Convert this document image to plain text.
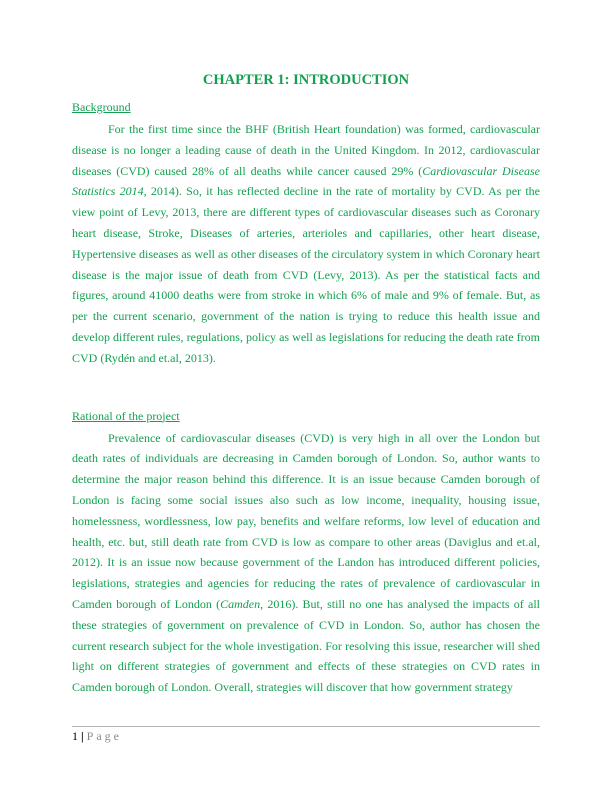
CHAPTER 1: INTRODUCTION
Background

For the first time since the BHF (British Heart foundation) was formed, cardiovascular disease is no longer a leading cause of death in the United Kingdom. In 2012, cardiovascular diseases (CVD) caused 28% of all deaths while cancer caused 29% (Cardiovascular Disease Statistics 2014, 2014). So, it has reflected decline in the rate of mortality by CVD. As per the view point of Levy, 2013, there are different types of cardiovascular diseases such as Coronary heart disease, Stroke, Diseases of arteries, arterioles and capillaries, other heart disease, Hypertensive diseases as well as other diseases of the circulatory system in which Coronary heart disease is the major issue of death from CVD (Levy, 2013). As per the statistical facts and figures, around 41000 deaths were from stroke in which 6% of male and 9% of female. But, as per the current scenario, government of the nation is trying to reduce this health issue and develop different rules, regulations, policy as well as legislations for reducing the death rate from CVD (Rydén and et.al, 2013).

Rational of the project

Prevalence of cardiovascular diseases (CVD) is very high in all over the London but death rates of individuals are decreasing in Camden borough of London. So, author wants to determine the major reason behind this difference. It is an issue because Camden borough of London is facing some social issues also such as low income, inequality, housing issue, homelessness, wordlessness, low pay, benefits and welfare reforms, low level of education and health, etc. but, still death rate from CVD is low as compare to other areas (Daviglus and et.al, 2012). It is an issue now because government of the Landon has introduced different policies, legislations, strategies and agencies for reducing the rates of prevalence of cardiovascular in Camden borough of London (Camden, 2016). But, still no one has analysed the impacts of all these strategies of government on prevalence of CVD in London. So, author has chosen the current research subject for the whole investigation. For resolving this issue, researcher will shed light on different strategies of government and effects of these strategies on CVD rates in Camden borough of London. Overall, strategies will discover that how government strategy

1 | Page
